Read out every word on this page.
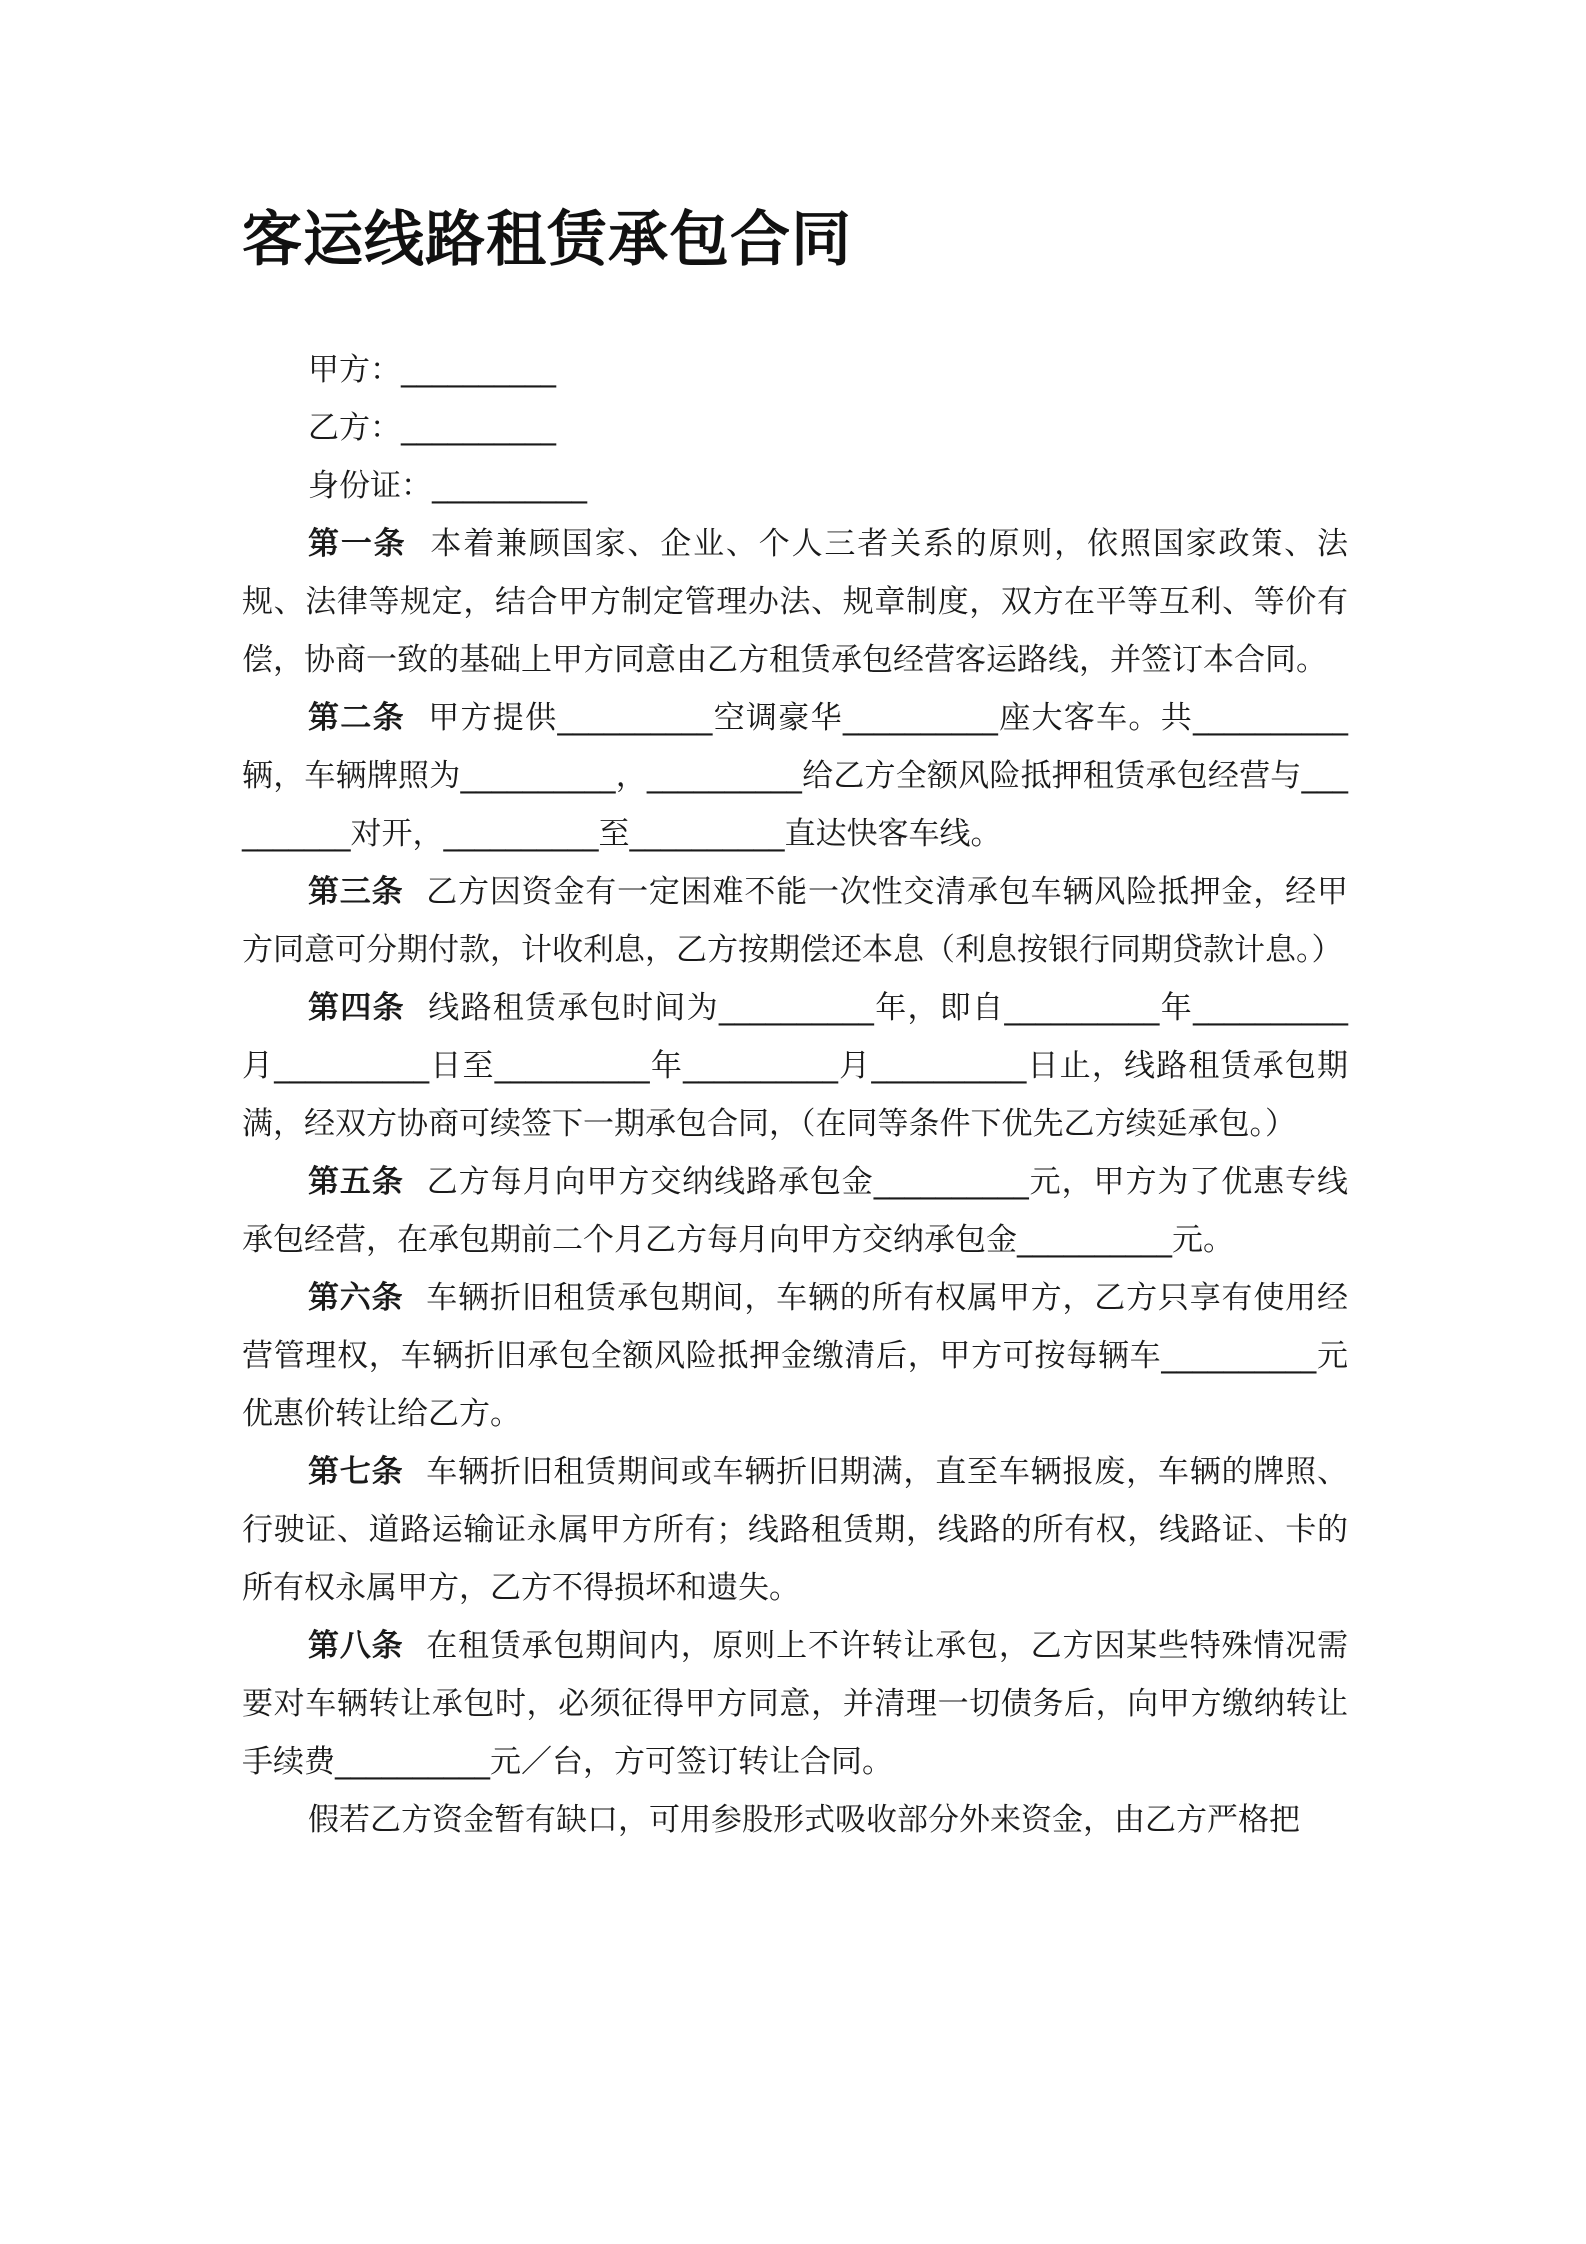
客运线路租赁承包合同

甲方：__________

乙方：__________

身份证：__________

第一条 本着兼顾国家、企业、个人三者关系的原则，依照国家政策、法规、法律等规定，结合甲方制定管理办法、规章制度，双方在平等互利、等价有偿，协商一致的基础上甲方同意由乙方租赁承包经营客运路线，并签订本合同。

第二条 甲方提供__________空调豪华__________座大客车。共__________辆，车辆牌照为__________，__________给乙方全额风险抵押租赁承包经营与__________对开，__________至__________直达快客车线。

第三条 乙方因资金有一定困难不能一次性交清承包车辆风险抵押金，经甲方同意可分期付款，计收利息，乙方按期偿还本息（利息按银行同期贷款计息。）

第四条 线路租赁承包时间为__________年，即自__________年__________月__________日至__________年__________月__________日止，线路租赁承包期满，经双方协商可续签下一期承包合同，（在同等条件下优先乙方续延承包。）

第五条 乙方每月向甲方交纳线路承包金__________元，甲方为了优惠专线承包经营，在承包期前二个月乙方每月向甲方交纳承包金__________元。

第六条 车辆折旧租赁承包期间，车辆的所有权属甲方，乙方只享有使用经营管理权，车辆折旧承包全额风险抵押金缴清后，甲方可按每辆车__________元优惠价转让给乙方。

第七条 车辆折旧租赁期间或车辆折旧期满，直至车辆报废，车辆的牌照、行驶证、道路运输证永属甲方所有；线路租赁期，线路的所有权，线路证、卡的所有权永属甲方，乙方不得损坏和遗失。

第八条 在租赁承包期间内，原则上不许转让承包，乙方因某些特殊情况需要对车辆转让承包时，必须征得甲方同意，并清理一切债务后，向甲方缴纳转让手续费__________元／台，方可签订转让合同。

假若乙方资金暂有缺口，可用参股形式吸收部分外来资金，由乙方严格把
